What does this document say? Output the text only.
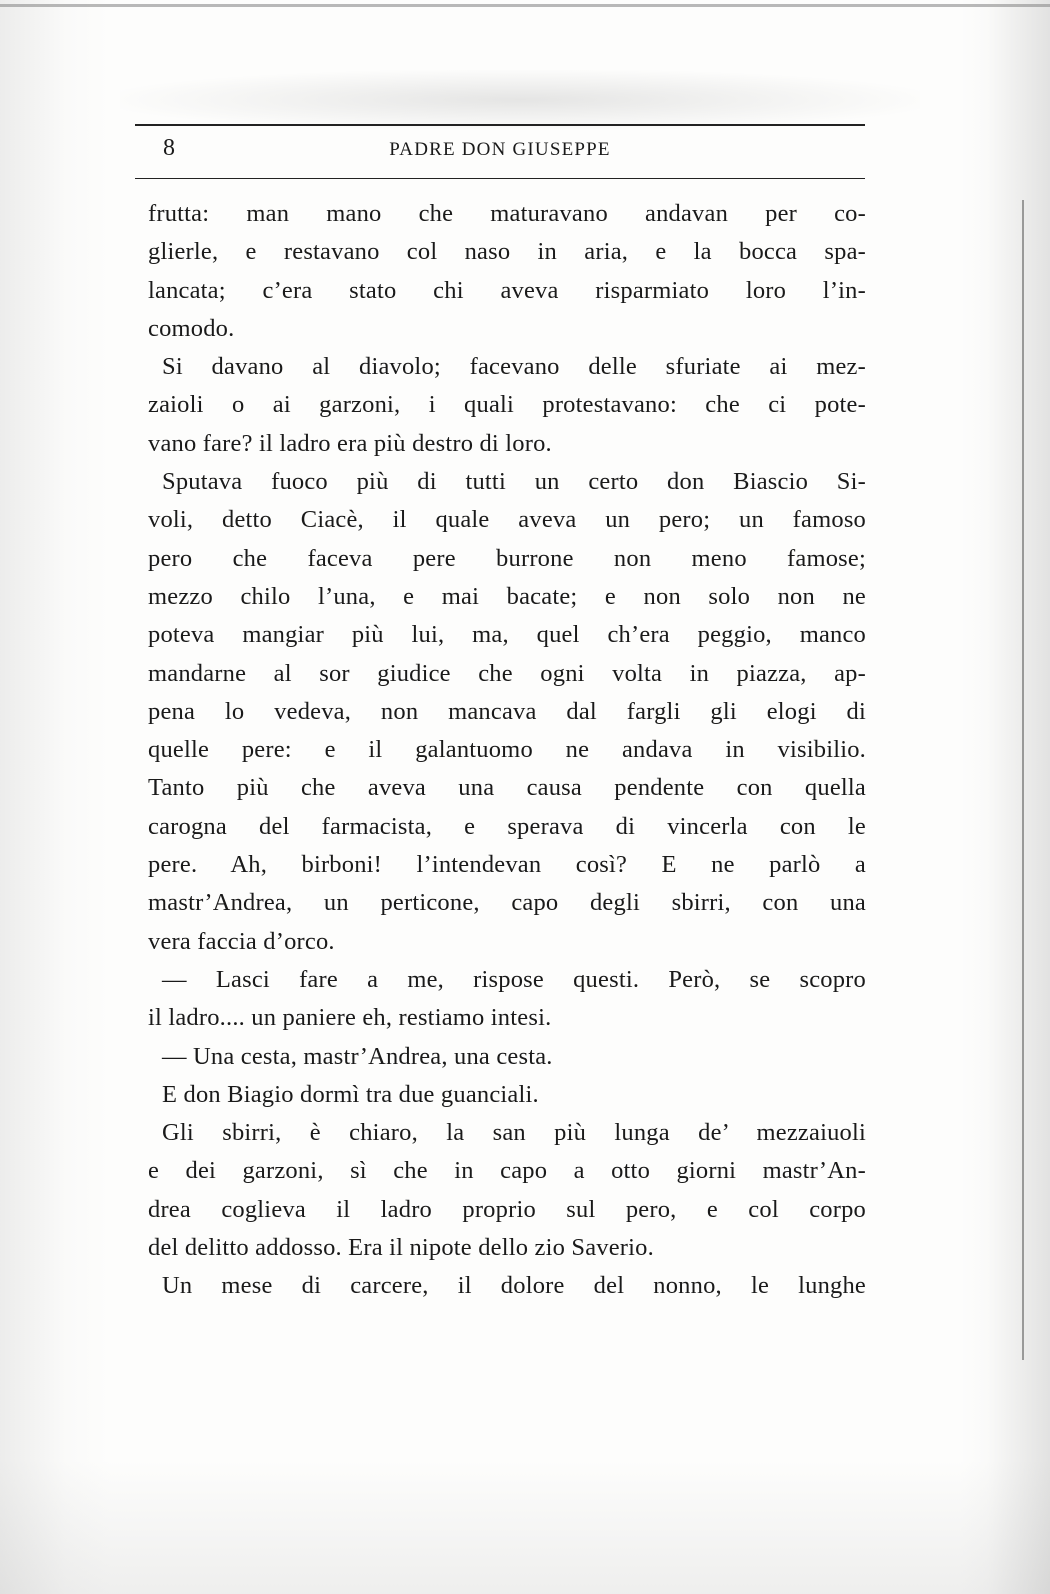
8	PADRE DON GIUSEPPE
frutta: man mano che maturavano andavan per co-
glierle, e restavano col naso in aria, e la bocca spa-
lancata; c’era stato chi aveva risparmiato loro l’in-
comodo.
Si davano al diavolo; facevano delle sfuriate ai mez-
zaioli o ai garzoni, i quali protestavano: che ci pote-
vano fare? il ladro era più destro di loro.
Sputava fuoco più di tutti un certo don Biascio Si-
voli, detto Ciacè, il quale aveva un pero; un famoso
pero che faceva pere burrone non meno famose;
mezzo chilo l’una, e mai bacate; e non solo non ne
poteva mangiar più lui, ma, quel ch’era peggio, manco
mandarne al sor giudice che ogni volta in piazza, ap-
pena lo vedeva, non mancava dal fargli gli elogi di
quelle pere: e il galantuomo ne andava in visibilio.
Tanto più che aveva una causa pendente con quella
carogna del farmacista, e sperava di vincerla con le
pere. Ah, birboni! l’intendevan così? E ne parlò a
mastr’Andrea, un perticone, capo degli sbirri, con una
vera faccia d’orco.
— Lasci fare a me, rispose questi. Però, se scopro
il ladro.... un paniere eh, restiamo intesi.
— Una cesta, mastr’Andrea, una cesta.
E don Biagio dormì tra due guanciali.
Gli sbirri, è chiaro, la san più lunga de’ mezzaiuoli
e dei garzoni, sì che in capo a otto giorni mastr’An-
drea coglieva il ladro proprio sul pero, e col corpo
del delitto addosso. Era il nipote dello zio Saverio.
Un mese di carcere, il dolore del nonno, le lunghe
